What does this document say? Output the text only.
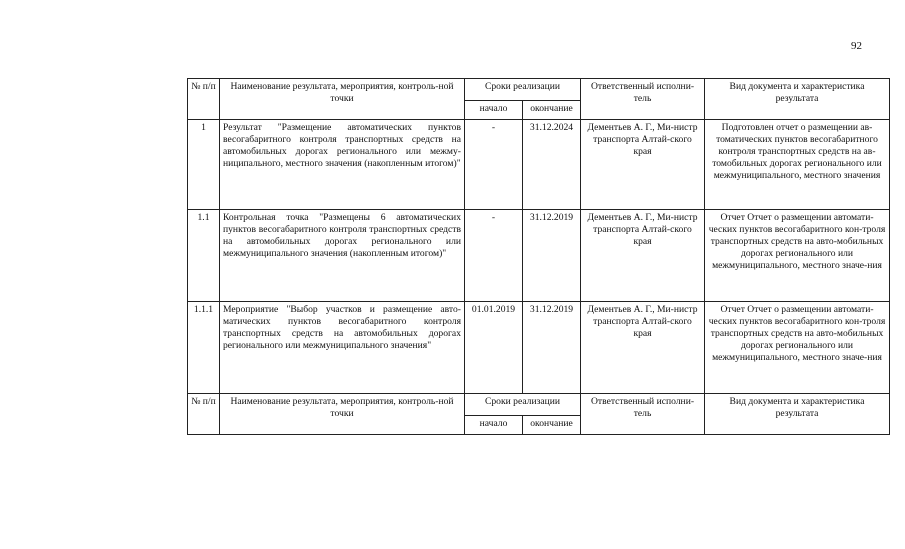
92
№ п/п	Наименование результата, мероприятия, контроль-ной точки	Сроки реализации		Ответственный исполни-тель	Вид документа и характеристика результата
		начало	окончание		
1	Результат "Размещение автоматических пунктов весогабаритного контроля транспортных средств на автомобильных дорогах регионального или межму-ниципального, местного значения (накопленным итогом)"	-	31.12.2024	Дементьев А. Г., Ми-нистр транспорта Алтай-ского края	Подготовлен отчет о размещении ав-томатических пунктов весогабаритного контроля транспортных средств на ав-томобильных дорогах регионального или межмуниципального, местного значения
1.1	Контрольная точка "Размещены 6 автоматических пунктов весогабаритного контроля транспортных средств на автомобильных дорогах регионального или межмуниципального значения (накопленным итогом)"	-	31.12.2019	Дементьев А. Г., Ми-нистр транспорта Алтай-ского края	Отчет Отчет о размещении автомати-ческих пунктов весогабаритного кон-троля транспортных средств на авто-мобильных дорогах регионального или межмуниципального, местного значе-ния
1.1.1	Мероприятие "Выбор участков и размещение авто-матических пунктов весогабаритного контроля транспортных средств на автомобильных дорогах регионального или межмуниципального значения"	01.01.2019	31.12.2019	Дементьев А. Г., Ми-нистр транспорта Алтай-ского края	Отчет Отчет о размещении автомати-ческих пунктов весогабаритного кон-троля транспортных средств на авто-мобильных дорогах регионального или межмуниципального, местного значе-ния
№ п/п	Наименование результата, мероприятия, контроль-ной точки	Сроки реализации		Ответственный исполни-тель	Вид документа и характеристика результата
		начало	окончание		
